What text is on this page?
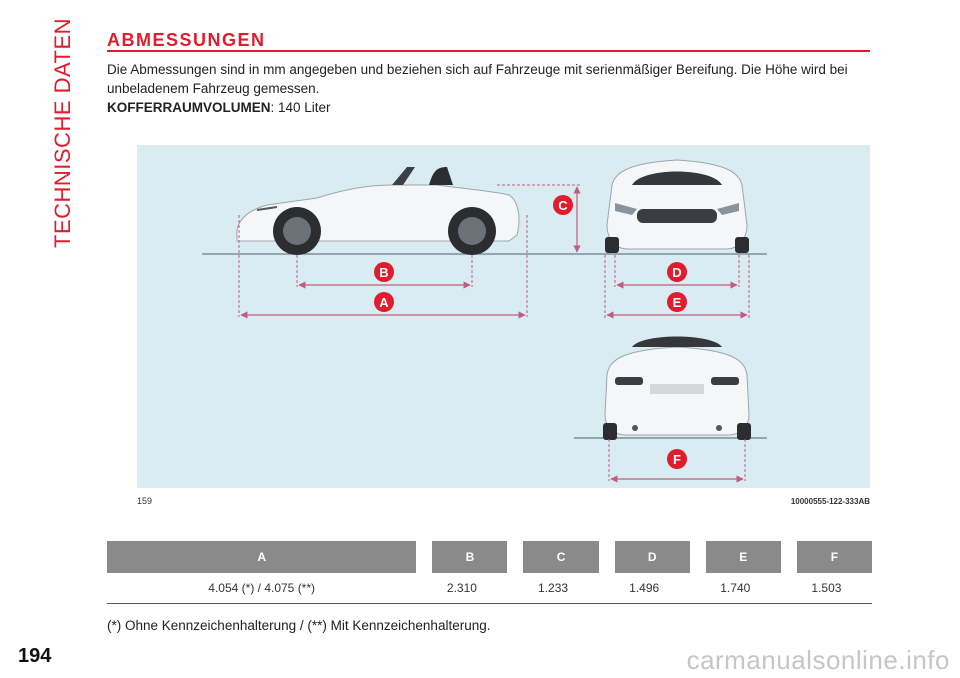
TECHNISCHE DATEN
194
ABMESSUNGEN
Die Abmessungen sind in mm angegeben und beziehen sich auf Fahrzeuge mit serienmäßiger Bereifung. Die Höhe wird bei unbeladenem Fahrzeug gemessen.
KOFFERRAUMVOLUMEN: 140 Liter
B
A
C
D
E
F
159	10000555-122-333AB
A	B	C	D	E	F
4.054 (*) / 4.075 (**)	2.310	1.233	1.496	1.740	1.503
(*) Ohne Kennzeichenhalterung / (**) Mit Kennzeichenhalterung.
carmanualsonline.info
